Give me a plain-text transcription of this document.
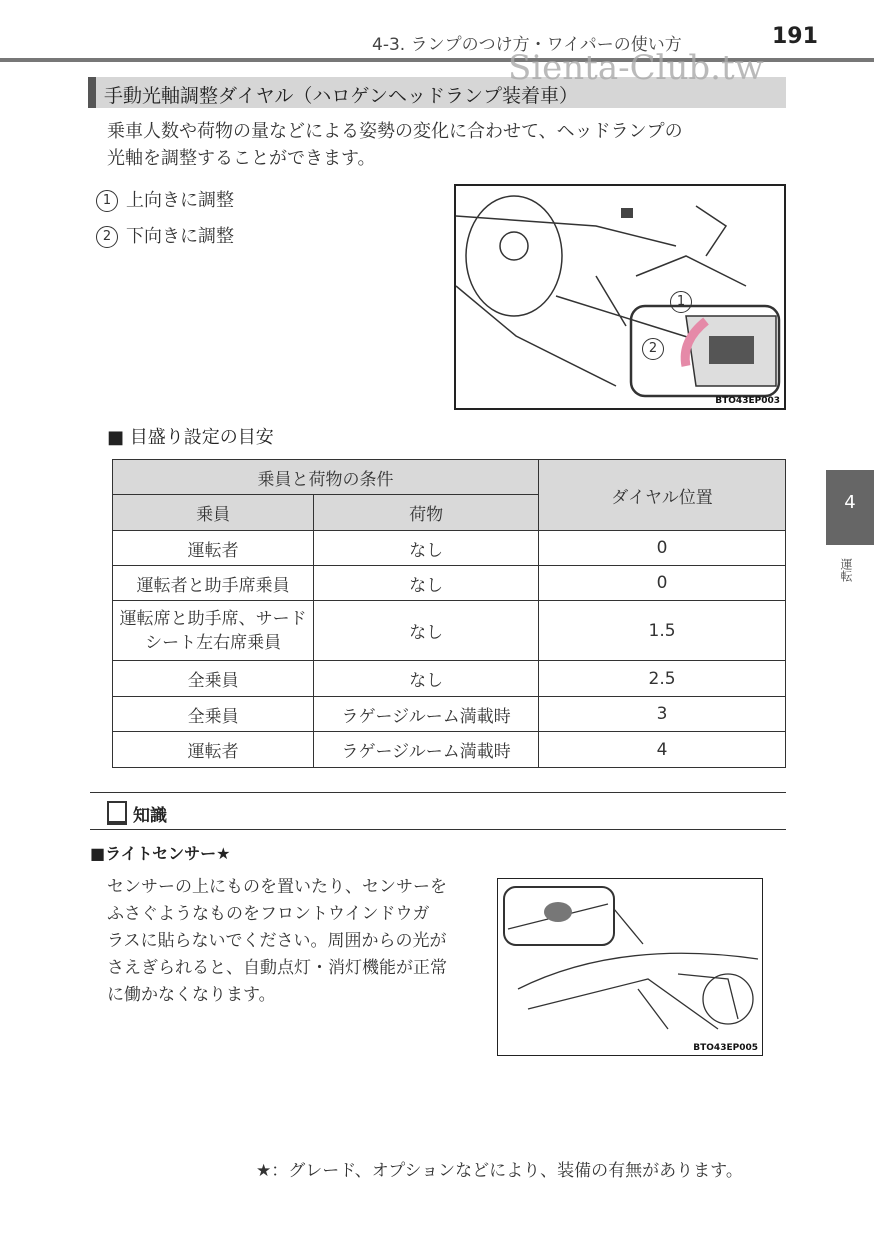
4-3. ランプのつけ方・ワイパーの使い方	191
手動光軸調整ダイヤル（ハロゲンヘッドランプ装着車）
Sienta-Club.tw
乗車人数や荷物の量などによる姿勢の変化に合わせて、ヘッドランプの
光軸を調整することができます。
1 上向きに調整
2 下向きに調整
1
2
BTO43EP003
■ 目盛り設定の目安
乗員と荷物の条件		ダイヤル位置
乗員	荷物	
運転者	なし	0
運転者と助手席乗員	なし	0
運転席と助手席、サードシート左右席乗員	なし	1.5
全乗員	なし	2.5
全乗員	ラゲージルーム満載時	3
運転者	ラゲージルーム満載時	4
知識
■ライトセンサー★
センサーの上にものを置いたり、センサーを
ふさぐようなものをフロントウインドウガ
ラスに貼らないでください。周囲からの光が
さえぎられると、自動点灯・消灯機能が正常
に働かなくなります。
BTO43EP005
★：グレード、オプションなどにより、装備の有無があります。
4
運転
